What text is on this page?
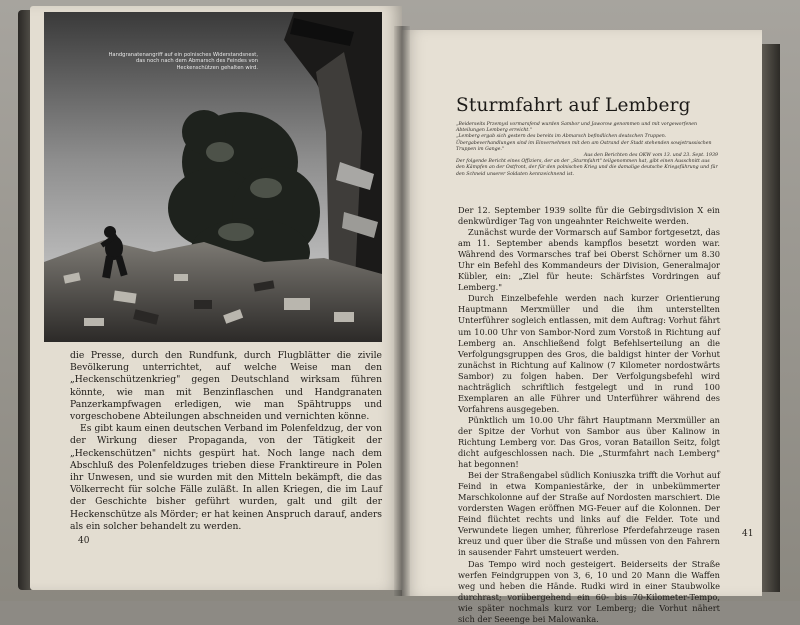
Handgranatenangriff auf ein polnisches Widerstandsnest, das noch nach dem Abmarsch des Feindes von Heckenschützen gehalten wird.

die Presse, durch den Rundfunk, durch Flugblätter die zivile Bevölkerung unterrichtet, auf welche Weise man den „Heckenschützenkrieg" gegen Deutschland wirksam führen könnte, wie man mit Benzinflaschen und Handgranaten Panzerkampfwagen erledigen, wie man Spähtrupps und vorgeschobene Abteilungen abschneiden und vernichten könne.

Es gibt kaum einen deutschen Verband im Polenfeldzug, der von der Wirkung dieser Propaganda, von der Tätigkeit der „Heckenschützen" nichts gespürt hat. Noch lange nach dem Abschluß des Polenfeldzuges trieben diese Franktireure in Polen ihr Unwesen, und sie wurden mit den Mitteln bekämpft, die das Völkerrecht für solche Fälle zuläßt. In allen Kriegen, die im Lauf der Geschichte bisher geführt wurden, galt und gilt der Heckenschütze als Mörder; er hat keinen Anspruch darauf, anders als ein solcher behandelt zu werden.

40
Sturmfahrt auf Lemberg

„Beiderseits Przemysl vormarsfend wurden Sambor und Jaworow genommen und mit vorgeworfenen Abteilungen Lemberg erreicht."

„Lemberg ergab sich gestern des bereits im Abmarsch befindlichen deutschen Truppen. Übergabeverhandlungen sind im Einvernehmen mit den am Ostrand der Stadt stehenden sowjetrussischen Truppen im Gange."

Aus den Berichten des OKW vom 13. und 23. Sept. 1939

Der folgende Bericht eines Offiziers, der an der „Sturmfahrt" teilgenommen hat, gibt einen Ausschnitt aus den Kämpfen an der Ostfront, der für den polnischen Krieg und die damalige deutsche Kriegsführung und für den Schneid unserer Soldaten kennzeichnend ist.

Der 12. September 1939 sollte für die Gebirgsdivision X ein denkwürdiger Tag von ungeahnter Reichweite werden.

Zunächst wurde der Vormarsch auf Sambor fortgesetzt, das am 11. September abends kampflos besetzt worden war. Während des Vormarsches traf bei Oberst Schörner um 8.30 Uhr ein Befehl des Kommandeurs der Division, Generalmajor Kübler, ein: „Ziel für heute: Schärfstes Vordringen auf Lemberg."

Durch Einzelbefehle werden nach kurzer Orientierung Hauptmann Merxmüller und die ihm unterstellten Unterführer sogleich entlassen, mit dem Auftrag: Vorhut fährt um 10.00 Uhr von Sambor-Nord zum Vorstoß in Richtung auf Lemberg an. Anschließend folgt Befehlserteilung an die Verfolgungsgruppen des Gros, die baldigst hinter der Vorhut zunächst in Richtung auf Kalinow (7 Kilometer nordostwärts Sambor) zu folgen haben. Der Verfolgungsbefehl wird nachträglich schriftlich festgelegt und in rund 100 Exemplaren an alle Führer und Unterführer während des Vorfahrens ausgegeben.

Pünktlich um 10.00 Uhr fährt Hauptmann Merxmüller an der Spitze der Vorhut von Sambor aus über Kalinow in Richtung Lemberg vor. Das Gros, voran Bataillon Seitz, folgt dicht aufgeschlossen nach. Die „Sturmfahrt nach Lemberg" hat begonnen!

Bei der Straßengabel südlich Koniuszka trifft die Vorhut auf Feind in etwa Kompaniestärke, der in unbekümmerter Marschkolonne auf der Straße auf Nordosten marschiert. Die vordersten Wagen eröffnen MG-Feuer auf die Kolonnen. Der Feind flüchtet rechts und links auf die Felder. Tote und Verwundete liegen umher, führerlose Pferdefahrzeuge rasen kreuz und quer über die Straße und müssen von den Fahrern in sausender Fahrt umsteuert werden.

Das Tempo wird noch gesteigert. Beiderseits der Straße werfen Feindgruppen von 3, 6, 10 und 20 Mann die Waffen weg und heben die Hände. Rudki wird in einer Staubwolke durchrast; vorübergehend ein 60- bis 70-Kilometer-Tempo, wie später nochmals kurz vor Lemberg; die Vorhut nähert sich der Seeenge bei Malowanka.

41
